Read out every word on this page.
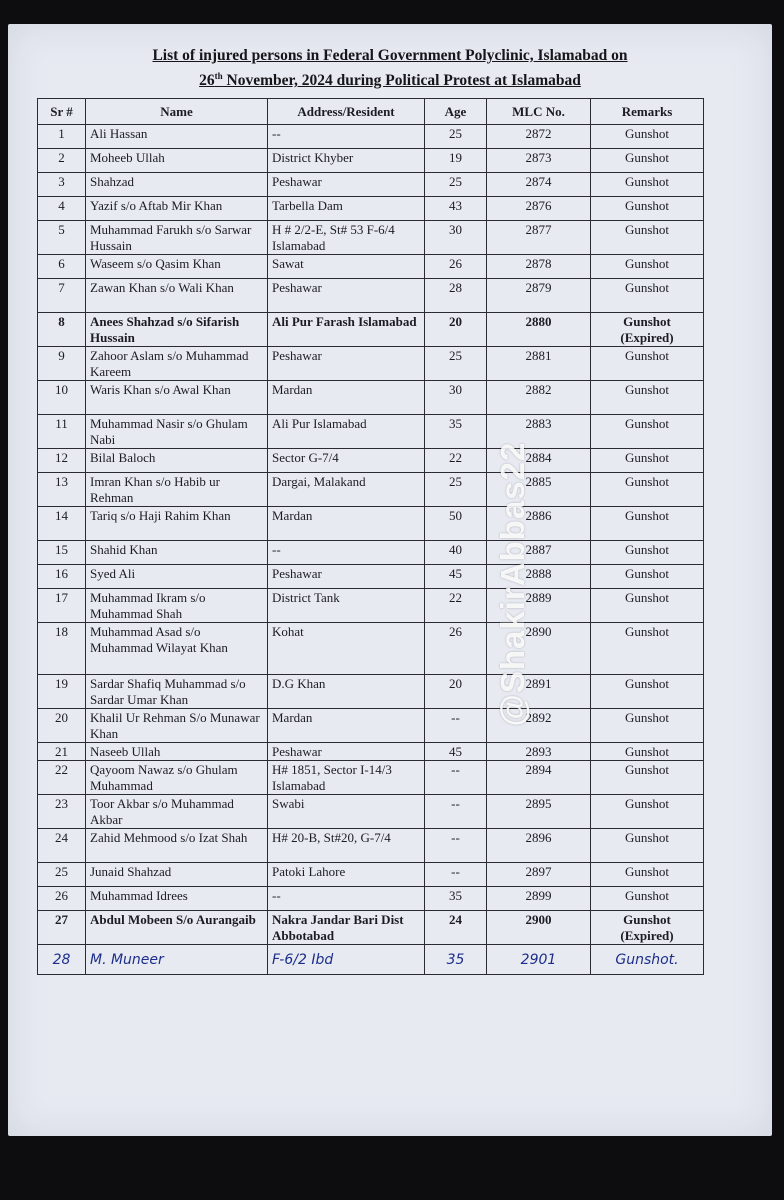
List of injured persons in Federal Government Polyclinic, Islamabad on
26th November, 2024 during Political Protest at Islamabad
Sr #	Name	Address/Resident	Age	MLC No.	Remarks
1	Ali Hassan	--	25	2872	Gunshot
2	Moheeb Ullah	District Khyber	19	2873	Gunshot
3	Shahzad	Peshawar	25	2874	Gunshot
4	Yazif s/o Aftab Mir Khan	Tarbella Dam	43	2876	Gunshot
5	Muhammad Farukh s/o Sarwar Hussain	H # 2/2-E, St# 53 F-6/4 Islamabad	30	2877	Gunshot
6	Waseem s/o Qasim Khan	Sawat	26	2878	Gunshot
7	Zawan Khan s/o Wali Khan	Peshawar	28	2879	Gunshot
8	Anees Shahzad s/o Sifarish Hussain	Ali Pur Farash Islamabad	20	2880	Gunshot (Expired)
9	Zahoor Aslam s/o Muhammad Kareem	Peshawar	25	2881	Gunshot
10	Waris Khan s/o Awal Khan	Mardan	30	2882	Gunshot
11	Muhammad Nasir s/o Ghulam Nabi	Ali Pur Islamabad	35	2883	Gunshot
12	Bilal Baloch	Sector G-7/4	22	2884	Gunshot
13	Imran Khan s/o Habib ur Rehman	Dargai, Malakand	25	2885	Gunshot
14	Tariq s/o Haji Rahim Khan	Mardan	50	2886	Gunshot
15	Shahid Khan	--	40	2887	Gunshot
16	Syed Ali	Peshawar	45	2888	Gunshot
17	Muhammad Ikram s/o Muhammad Shah	District Tank	22	2889	Gunshot
18	Muhammad Asad s/o Muhammad Wilayat Khan	Kohat	26	2890	Gunshot
19	Sardar Shafiq Muhammad s/o Sardar Umar Khan	D.G Khan	20	2891	Gunshot
20	Khalil Ur Rehman S/o Munawar Khan	Mardan	--	2892	Gunshot
21	Naseeb Ullah	Peshawar	45	2893	Gunshot
22	Qayoom Nawaz s/o Ghulam Muhammad	H# 1851, Sector I-14/3 Islamabad	--	2894	Gunshot
23	Toor Akbar s/o Muhammad Akbar	Swabi	--	2895	Gunshot
24	Zahid Mehmood s/o Izat Shah	H# 20-B, St#20, G-7/4	--	2896	Gunshot
25	Junaid Shahzad	Patoki Lahore	--	2897	Gunshot
26	Muhammad Idrees	--	35	2899	Gunshot
27	Abdul Mobeen S/o Aurangaib	Nakra Jandar Bari Dist Abbotabad	24	2900	Gunshot (Expired)
28	M. Muneer	F-6/2 Ibd	35	2901	Gunshot.
@ShakirAbbas22
